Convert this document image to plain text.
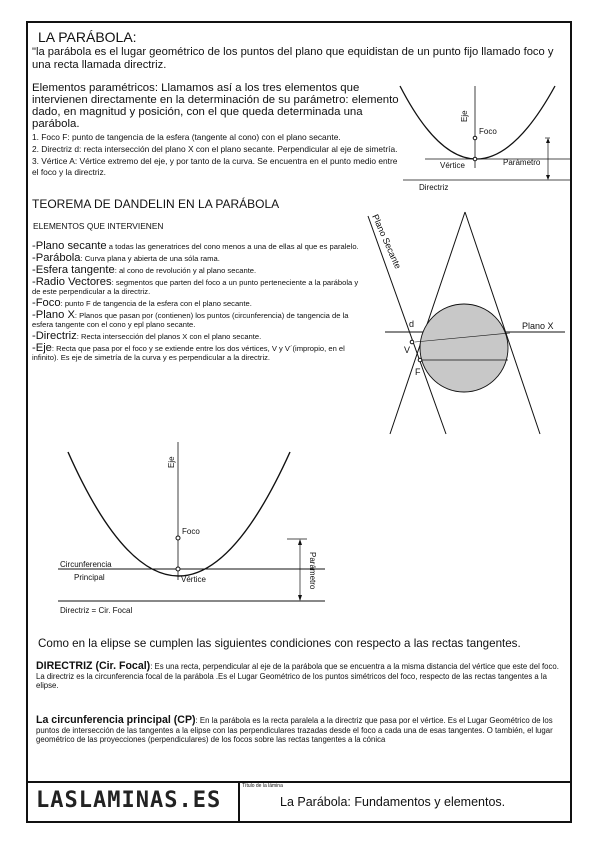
LA PARÁBOLA:
"la parábola es el lugar geométrico de los puntos del plano que equidistan de un punto fijo llamado foco y una recta llamada directriz.
Elementos paramétricos: Llamamos así a los tres elementos que intervienen directamente en la determinación de su parámetro: elemento dado, en magnitud y posición, con el que queda determinada una parábola.
1. Foco F: punto de tangencia de la esfera (tangente al cono) con el plano secante.
2. Directriz d: recta intersección del plano X con el plano secante. Perpendicular al eje de simetría.
3. Vértice A: Vértice extremo del eje, y por tanto de la curva. Se encuentra en el punto medio entre el foco y la directriz.
TEOREMA DE DANDELIN EN LA PARÁBOLA
ELEMENTOS QUE INTERVIENEN
-Plano secante a todas las generatrices del cono menos a una de ellas al que es paralelo.
-Parábola: Curva plana y abierta de una sóla rama.
-Esfera tangente: al cono de revolución y al plano secante.
-Radio Vectores: segmentos que parten del foco a un punto perteneciente a la parábola y de este perpendicular a la directriz.
-Foco: punto F de tangencia de la esfera con el plano secante.
-Plano X: Planos que pasan por (contienen) los puntos (circunferencia) de tangencia de la esfera tangente con el cono y epl plano secante.
-Directriz: Recta intersección del planos X con el plano secante.
-Eje: Recta que pasa por el foco y se extiende entre los dos vértices, V y V´(impropio, en el infinito). Es eje de simetría de la curva y es perpendicular a la directriz.
Eje
Foco
Vértice	Parámetro
Directriz
Plano Secante
d	Plano X
V
F
Eje
Foco
Circunferencia
Principal	Vértice	Parámetro
Directriz = Cir. Focal
Como en la elipse se cumplen las siguientes condiciones con respecto a las rectas tangentes.
DIRECTRIZ (Cir. Focal): Es una recta, perpendicular al eje de la parábola que se encuentra a la misma distancia del vértice que este del foco. La directriz es la circunferencia focal de la parábola .Es el Lugar Geométrico de los puntos simétricos del foco, respecto de las rectas tangentes a la elipse.
La circunferencia principal (CP): En la parábola es la recta paralela a la directriz que pasa por el vértice. Es el Lugar Geométrico de los puntos de intersección de las tangentes a la elipse con las perpendiculares trazadas desde el foco a cada una de esas tangentes. O también, el lugar geométrico de las proyecciones (perpendiculares) de los focos sobre las rectas tangentes a la cónica
LASLAMINAS.ES
Título de la lámina
La Parábola: Fundamentos y elementos.
